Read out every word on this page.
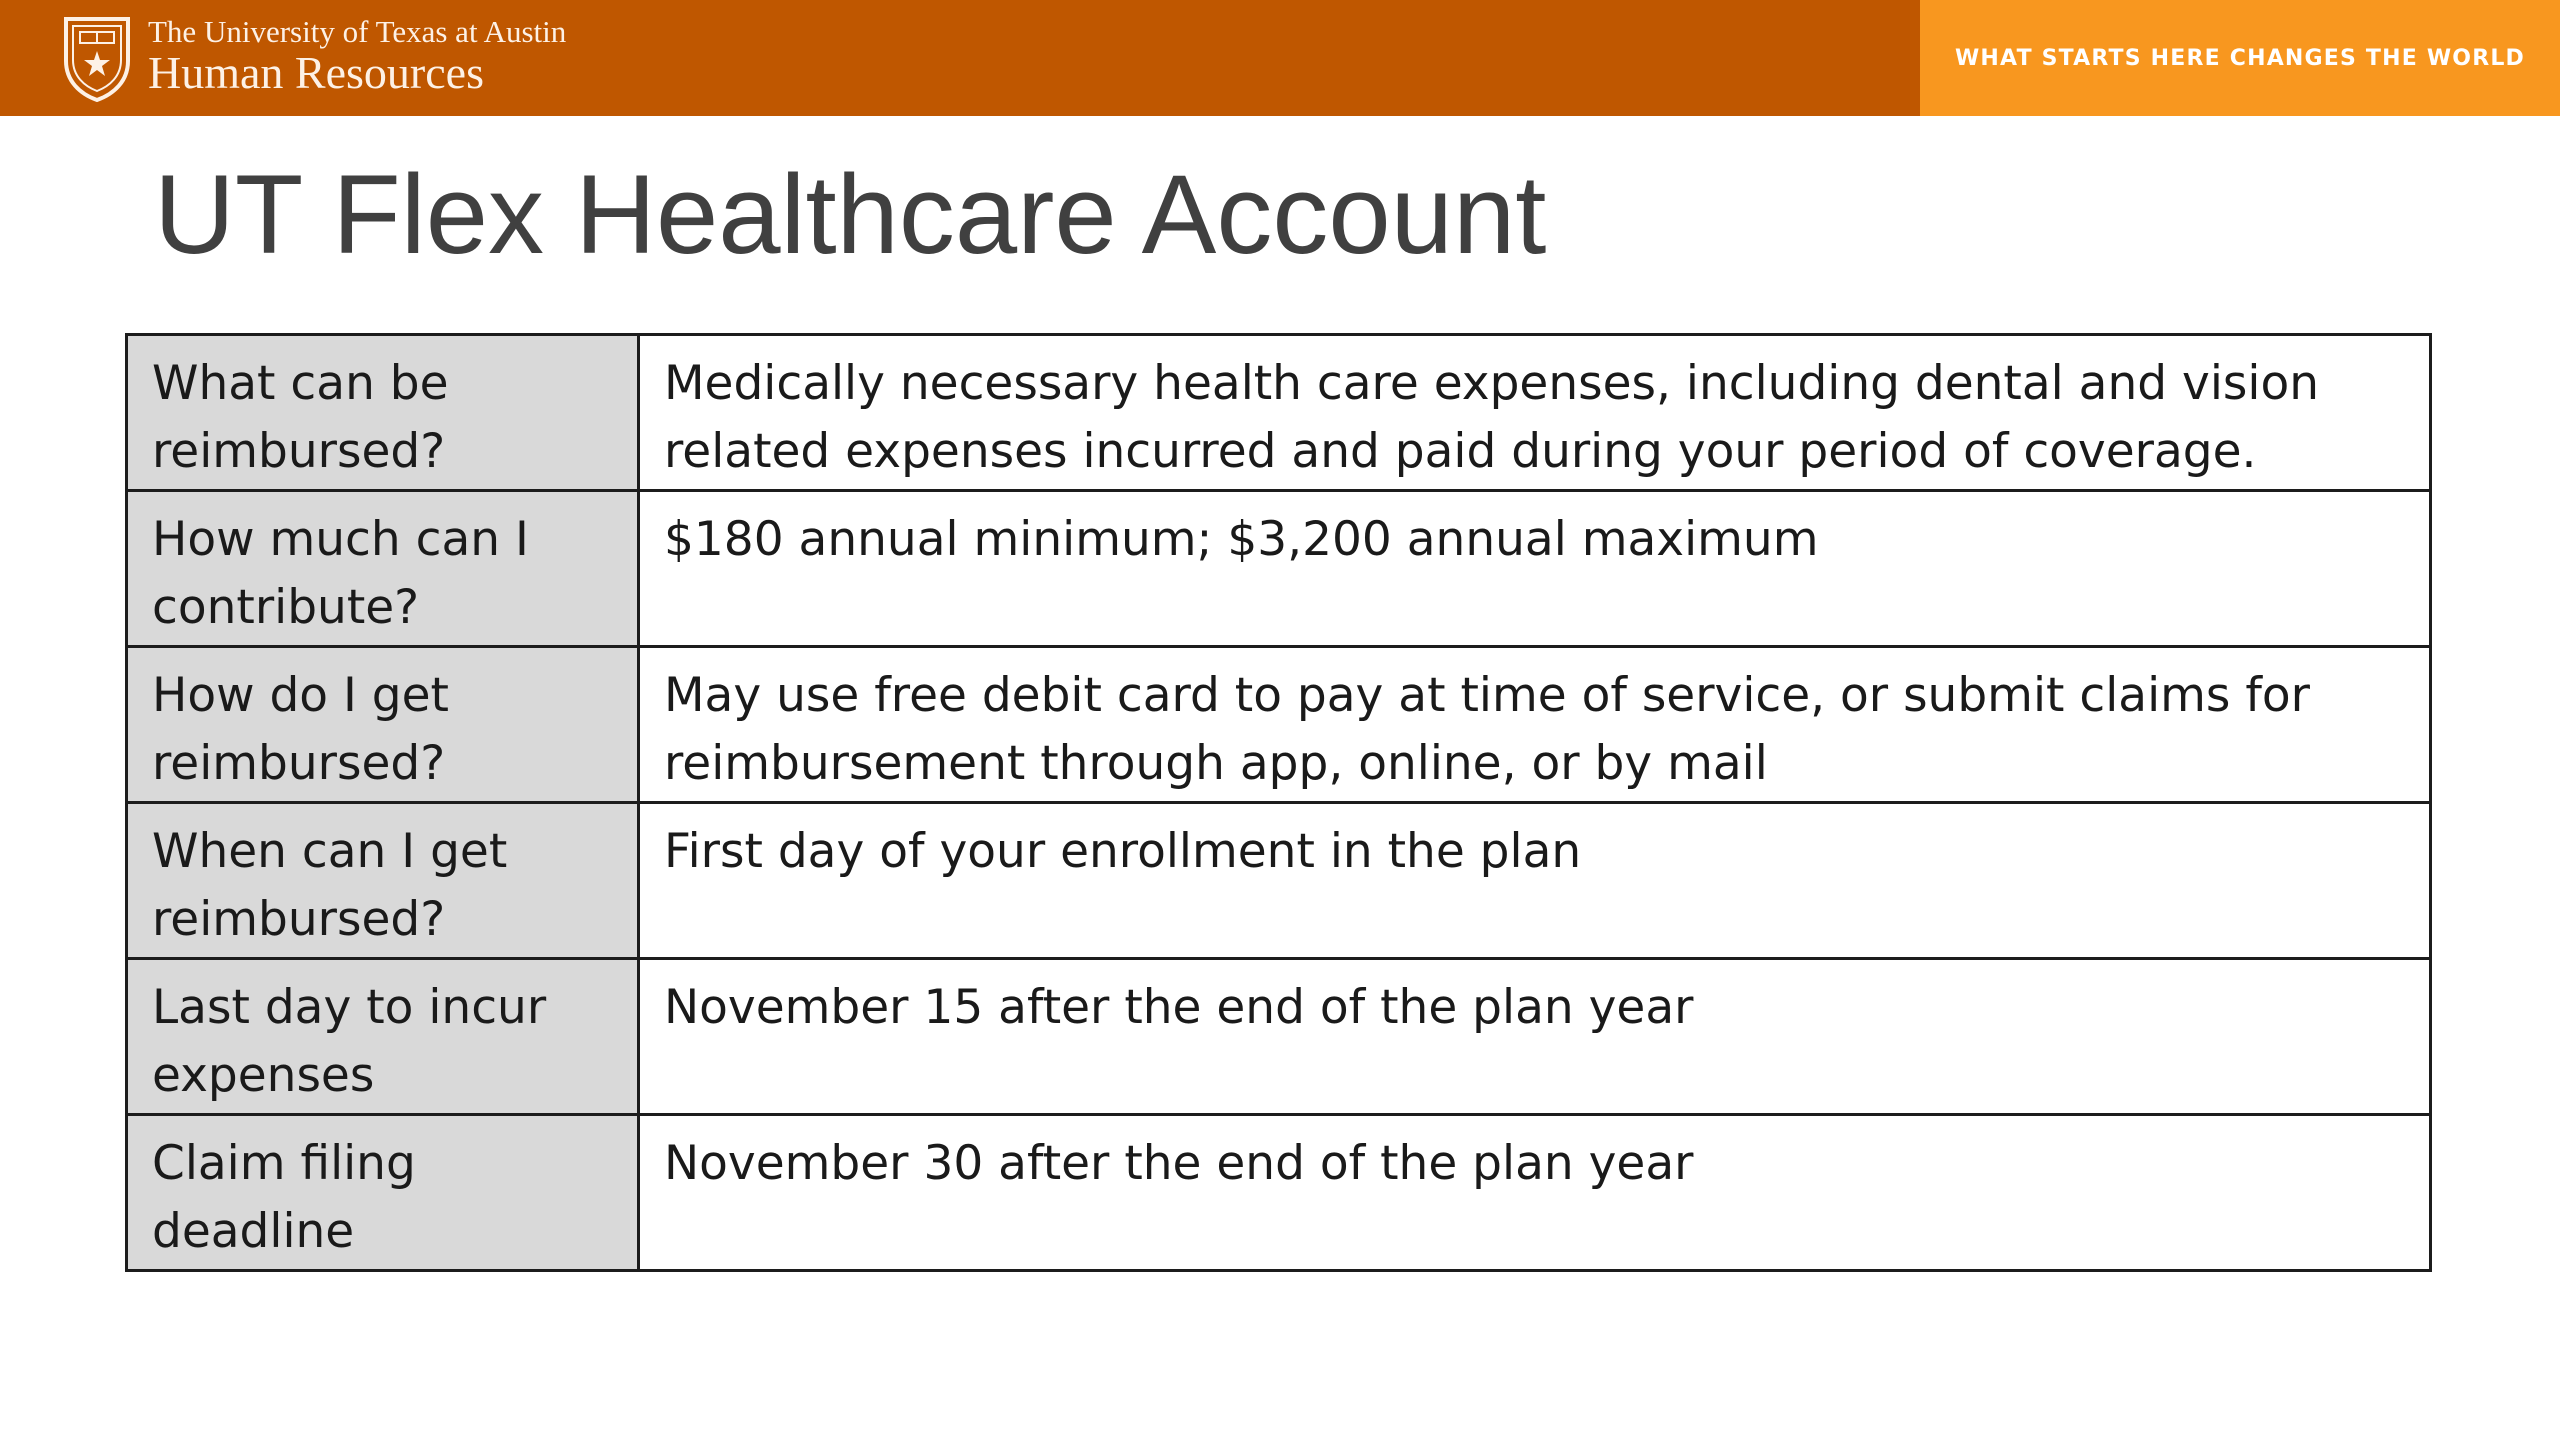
The University of Texas at Austin
Human Resources	WHAT STARTS HERE CHANGES THE WORLD
UT Flex Healthcare Account
What can be reimbursed?	Medically necessary health care expenses, including dental and vision related expenses incurred and paid during your period of coverage.
How much can I contribute?	$180 annual minimum; $3,200 annual maximum
How do I get reimbursed?	May use free debit card to pay at time of service, or submit claims for reimbursement through app, online, or by mail
When can I get reimbursed?	First day of your enrollment in the plan
Last day to incur expenses	November 15 after the end of the plan year
Claim filing deadline	November 30 after the end of the plan year
